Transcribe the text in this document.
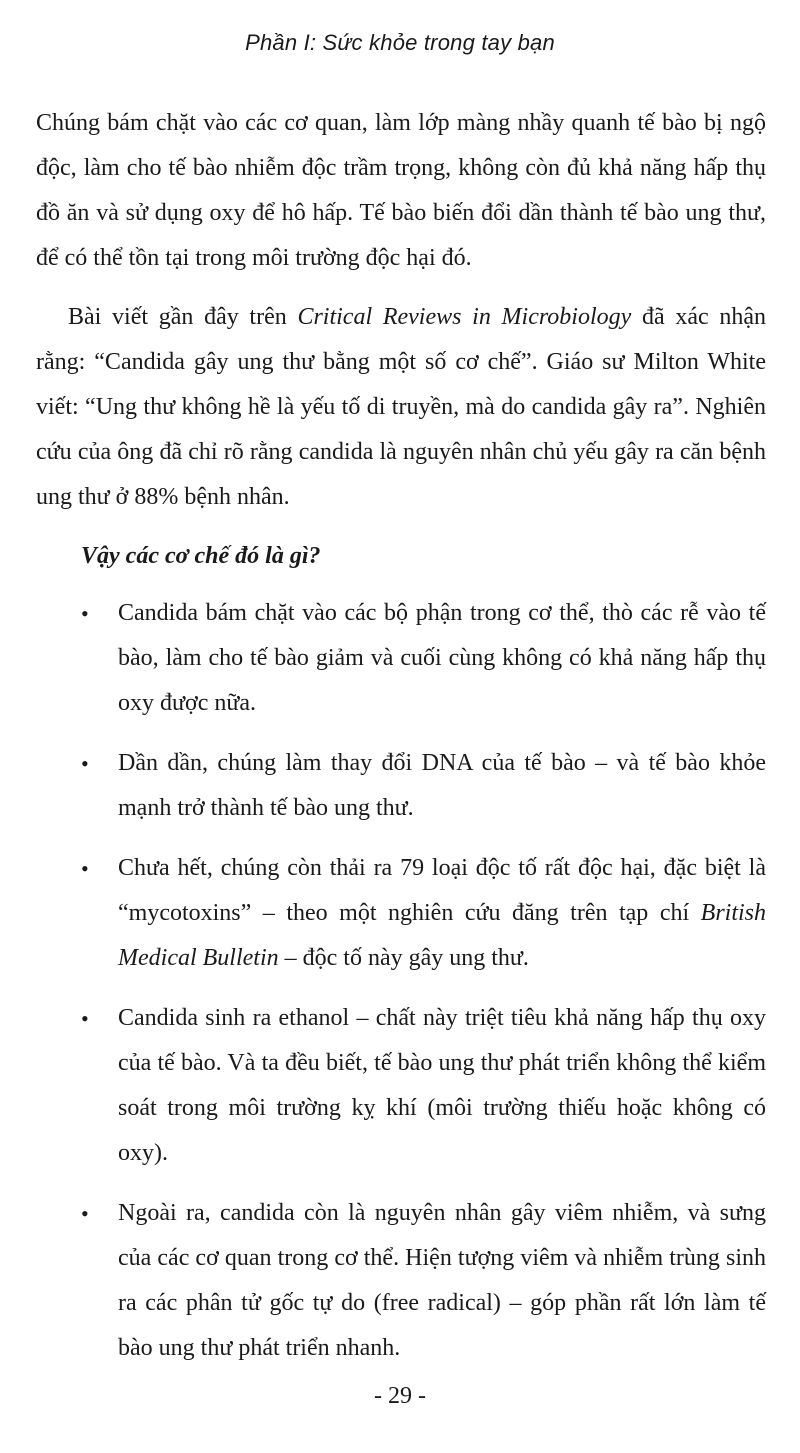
Phần I: Sức khỏe trong tay bạn

Chúng bám chặt vào các cơ quan, làm lớp màng nhầy quanh tế bào bị ngộ độc, làm cho tế bào nhiễm độc trầm trọng, không còn đủ khả năng hấp thụ đồ ăn và sử dụng oxy để hô hấp. Tế bào biến đổi dần thành tế bào ung thư, để có thể tồn tại trong môi trường độc hại đó.

Bài viết gần đây trên Critical Reviews in Microbiology đã xác nhận rằng: “Candida gây ung thư bằng một số cơ chế”. Giáo sư Milton White viết: “Ung thư không hề là yếu tố di truyền, mà do candida gây ra”. Nghiên cứu của ông đã chỉ rõ rằng candida là nguyên nhân chủ yếu gây ra căn bệnh ung thư ở 88% bệnh nhân.

Vậy các cơ chế đó là gì?

• Candida bám chặt vào các bộ phận trong cơ thể, thò các rễ vào tế bào, làm cho tế bào giảm và cuối cùng không có khả năng hấp thụ oxy được nữa.
• Dần dần, chúng làm thay đổi DNA của tế bào – và tế bào khỏe mạnh trở thành tế bào ung thư.
• Chưa hết, chúng còn thải ra 79 loại độc tố rất độc hại, đặc biệt là “mycotoxins” – theo một nghiên cứu đăng trên tạp chí British Medical Bulletin – độc tố này gây ung thư.
• Candida sinh ra ethanol – chất này triệt tiêu khả năng hấp thụ oxy của tế bào. Và ta đều biết, tế bào ung thư phát triển không thể kiểm soát trong môi trường kỵ khí (môi trường thiếu hoặc không có oxy).
• Ngoài ra, candida còn là nguyên nhân gây viêm nhiễm, và sưng của các cơ quan trong cơ thể. Hiện tượng viêm và nhiễm trùng sinh ra các phân tử gốc tự do (free radical) – góp phần rất lớn làm tế bào ung thư phát triển nhanh.
- 29 -
